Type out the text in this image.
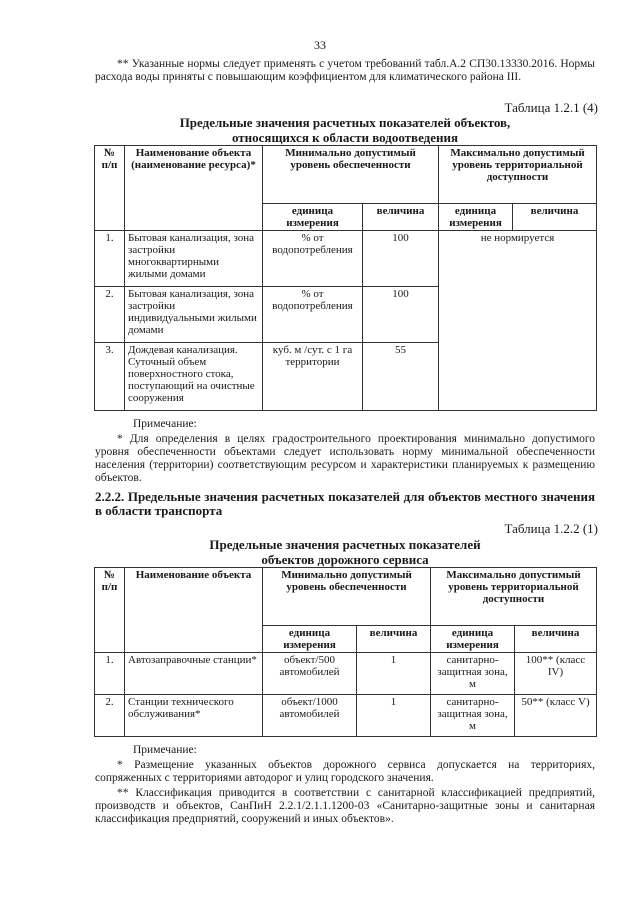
33
** Указанные нормы следует применять с учетом требований табл.А.2 СП30.13330.2016. Нормы расхода воды приняты с повышающим коэффициентом для климатического района III.
Таблица 1.2.1 (4)
Предельные значения расчетных показателей объектов,
относящихся к области водоотведения
№ п/п	Наименование объекта (наименование ресурса)*	Минимально допустимый уровень обеспеченности		Максимально допустимый уровень территориальной доступности	
		единица измерения	величина	единица измерения	величина
1.	Бытовая канализация, зона застройки многоквартирными жилыми домами	% от водопотребления	100	не нормируется	
2.	Бытовая канализация, зона застройки индивидуальными жилыми домами	% от водопотребления	100		
3.	Дождевая канализация. Суточный объем поверхностного стока, поступающий на очистные сооружения	куб. м /сут. с 1 га территории	55		
Примечание:
* Для определения в целях градостроительного проектирования минимально допустимого уровня обеспеченности объектами следует использовать норму минимальной обеспеченности населения (территории) соответствующим ресурсом и характеристики планируемых к размещению объектов.
2.2.2. Предельные значения расчетных показателей для объектов местного значения в области транспорта
Таблица 1.2.2 (1)
Предельные значения расчетных показателей
объектов дорожного сервиса
№ п/п	Наименование объекта	Минимально допустимый уровень обеспеченности		Максимально допустимый уровень территориальной доступности	
		единица измерения	величина	единица измерения	величина
1.	Автозаправочные станции*	объект/500 автомобилей	1	санитарно-защитная зона, м	100** (класс IV)
2.	Станции технического обслуживания*	объект/1000 автомобилей	1	санитарно-защитная зона, м	50** (класс V)
Примечание:
* Размещение указанных объектов дорожного сервиса допускается на территориях, сопряженных с территориями автодорог и улиц городского значения.
** Классификация приводится в соответствии с санитарной классификацией предприятий, производств и объектов, СанПиН 2.2.1/2.1.1.1200-03 «Санитарно-защитные зоны и санитарная классификация предприятий, сооружений и иных объектов».
